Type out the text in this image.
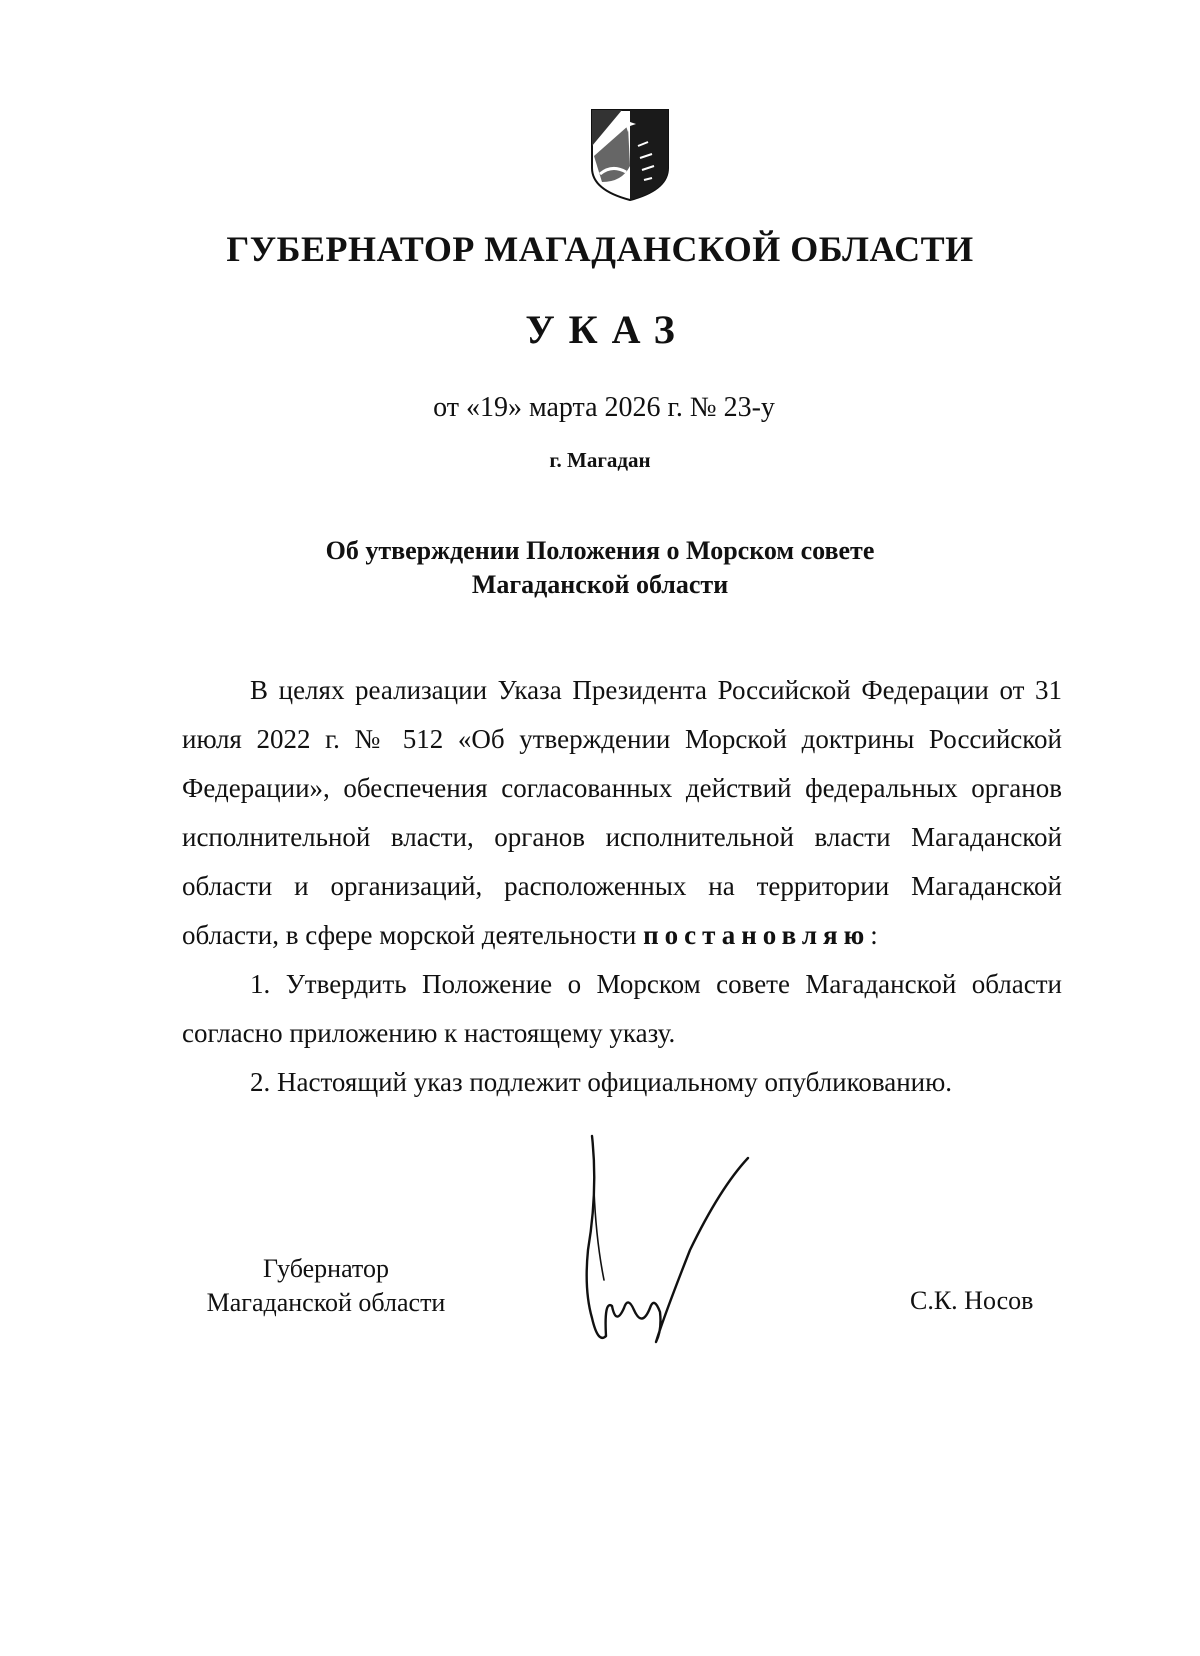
ГУБЕРНАТОР МАГАДАНСКОЙ ОБЛАСТИ
УКАЗ
от «19» марта 2026 г. № 23-у
г. Магадан
Об утверждении Положения о Морском совете
Магаданской области

В целях реализации Указа Президента Российской Федерации от 31 июля 2022 г. № 512 «Об утверждении Морской доктрины Российской Федерации», обеспечения согласованных действий федеральных органов исполнительной власти, органов исполнительной власти Магаданской области и организаций, расположенных на территории Магаданской области, в сфере морской деятельности постановляю:

1. Утвердить Положение о Морском совете Магаданской области согласно приложению к настоящему указу.

2. Настоящий указ подлежит официальному опубликованию.

Губернатор
Магаданской области	С.К. Носов
